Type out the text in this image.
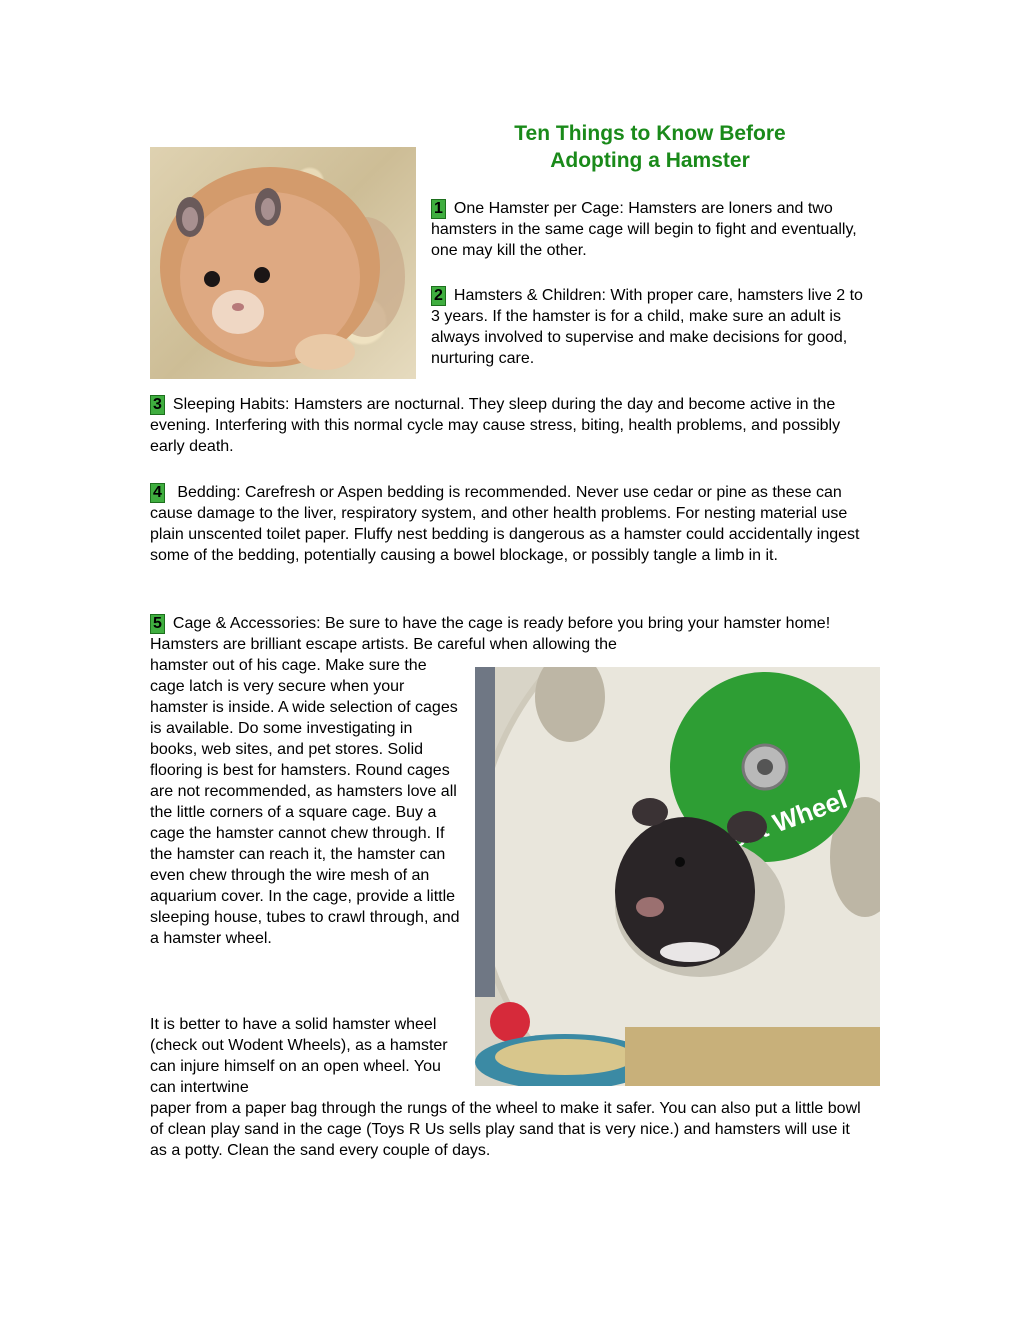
Ten Things to Know Before
Adopting a Hamster

1 One Hamster per Cage: Hamsters are loners and two hamsters in the same cage will begin to fight and eventually, one may kill the other.

2 Hamsters & Children: With proper care, hamsters live 2 to 3 years. If the hamster is for a child, make sure an adult is always involved to supervise and make decisions for good, nurturing care.

3 Sleeping Habits: Hamsters are nocturnal. They sleep during the day and become active in the evening. Interfering with this normal cycle may cause stress, biting, health problems, and possibly early death.

4 Bedding: Carefresh or Aspen bedding is recommended. Never use cedar or pine as these can cause damage to the liver, respiratory system, and other health problems. For nesting material use plain unscented toilet paper. Fluffy nest bedding is dangerous as a hamster could accidentally ingest some of the bedding, potentially causing a bowel blockage, or possibly tangle a limb in it.

5 Cage & Accessories: Be sure to have the cage is ready before you bring your hamster home! Hamsters are brilliant escape artists. Be careful when allowing the

hamster out of his cage. Make sure the cage latch is very secure when your hamster is inside. A wide selection of cages is available. Do some investigating in books, web sites, and pet stores. Solid flooring is best for hamsters. Round cages are not recommended, as hamsters love all the little corners of a square cage. Buy a cage the hamster cannot chew through. If the hamster can reach it, the hamster can even chew through the wire mesh of an aquarium cover. In the cage, provide a little sleeping house, tubes to crawl through, and a hamster wheel.

It is better to have a solid hamster wheel (check out Wodent Wheels), as a hamster can injure himself on an open wheel. You can intertwine

paper from a paper bag through the rungs of the wheel to make it safer. You can also put a little bowl of clean play sand in the cage (Toys R Us sells play sand that is very nice.) and hamsters will use it as a potty. Clean the sand every couple of days.

Wheel
